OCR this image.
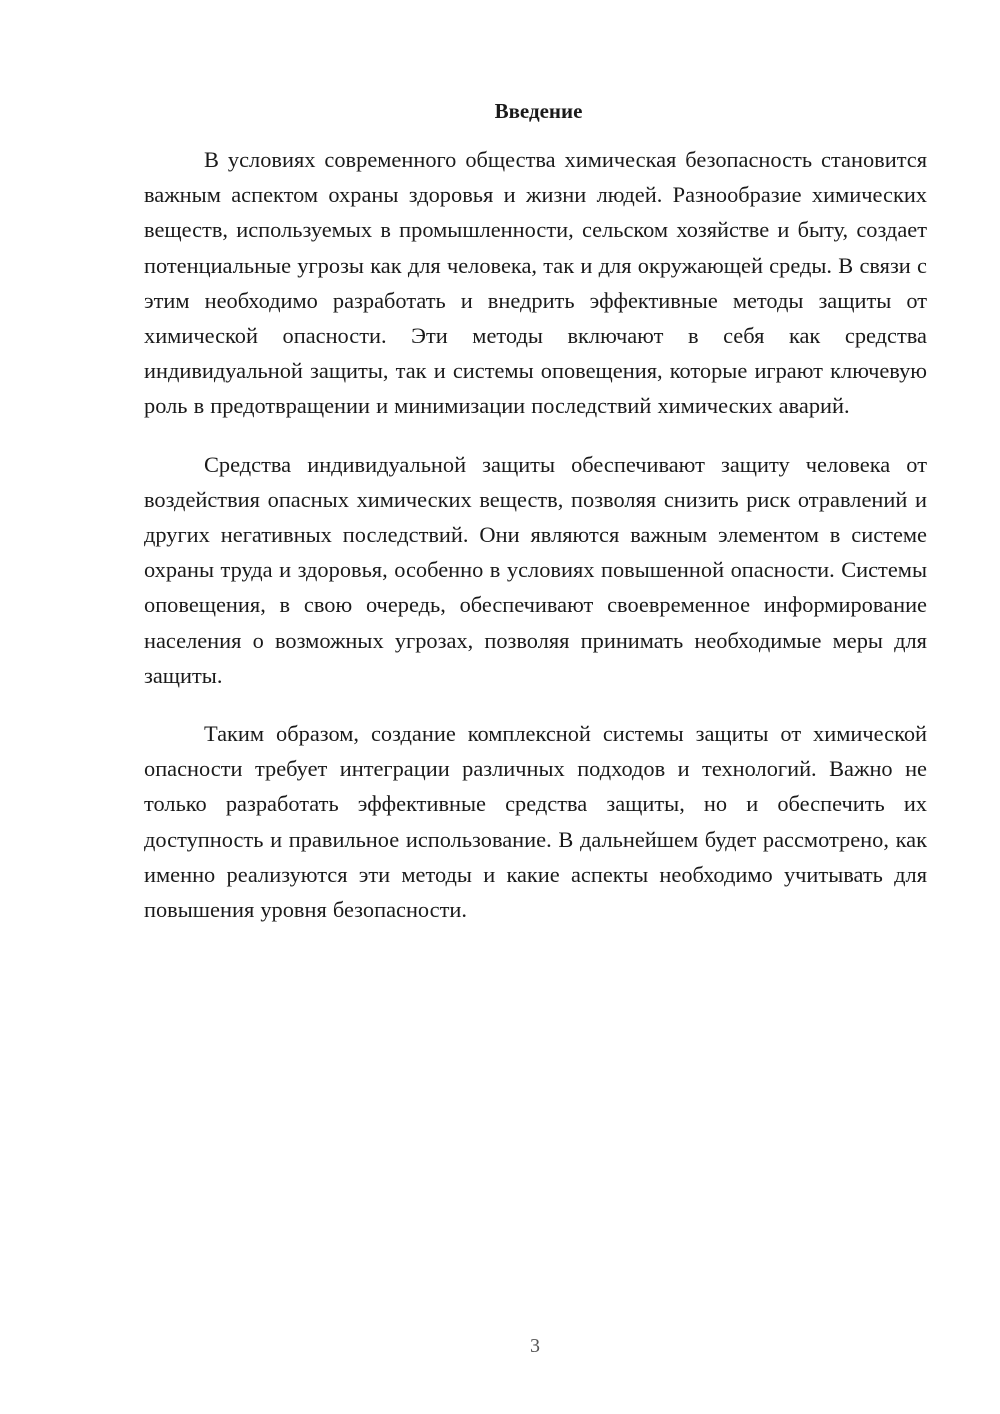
Введение

В условиях современного общества химическая безопасность становится важным аспектом охраны здоровья и жизни людей. Разнообразие химических веществ, используемых в промышленности, сельском хозяйстве и быту, создает потенциальные угрозы как для человека, так и для окружающей среды. В связи с этим необходимо разработать и внедрить эффективные методы защиты от химической опасности. Эти методы включают в себя как средства индивидуальной защиты, так и системы оповещения, которые играют ключевую роль в предотвращении и минимизации последствий химических аварий.

Средства индивидуальной защиты обеспечивают защиту человека от воздействия опасных химических веществ, позволяя снизить риск отравлений и других негативных последствий. Они являются важным элементом в системе охраны труда и здоровья, особенно в условиях повышенной опасности. Системы оповещения, в свою очередь, обеспечивают своевременное информирование населения о возможных угрозах, позволяя принимать необходимые меры для защиты.

Таким образом, создание комплексной системы защиты от химической опасности требует интеграции различных подходов и технологий. Важно не только разработать эффективные средства защиты, но и обеспечить их доступность и правильное использование. В дальнейшем будет рассмотрено, как именно реализуются эти методы и какие аспекты необходимо учитывать для повышения уровня безопасности.

3
